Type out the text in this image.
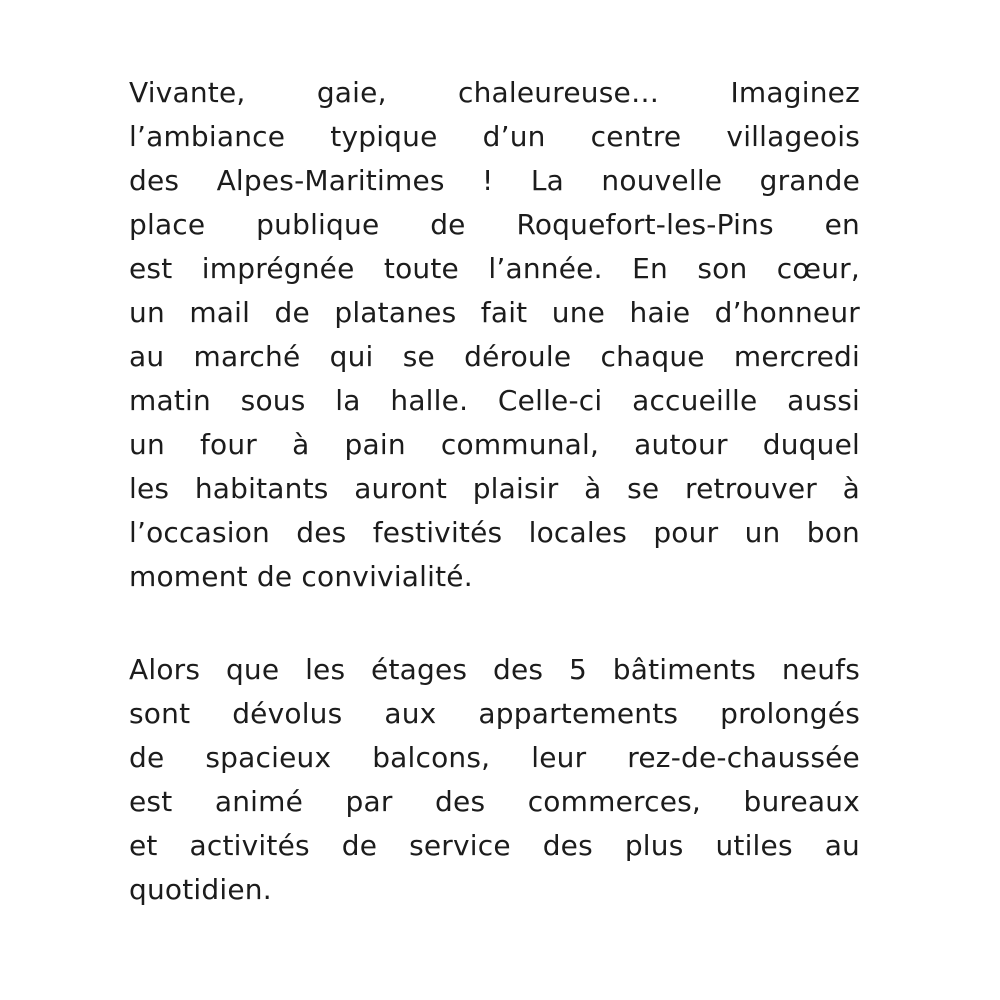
Vivante, gaie, chaleureuse… Imaginez
l’ambiance typique d’un centre villageois
des Alpes-Maritimes ! La nouvelle grande
place publique de Roquefort-les-Pins en
est imprégnée toute l’année. En son cœur,
un mail de platanes fait une haie d’honneur
au marché qui se déroule chaque mercredi
matin sous la halle. Celle-ci accueille aussi
un four à pain communal, autour duquel
les habitants auront plaisir à se retrouver à
l’occasion des festivités locales pour un bon
moment de convivialité.
Alors que les étages des 5 bâtiments neufs
sont dévolus aux appartements prolongés
de spacieux balcons, leur rez-de-chaussée
est animé par des commerces, bureaux
et activités de service des plus utiles au
quotidien.
